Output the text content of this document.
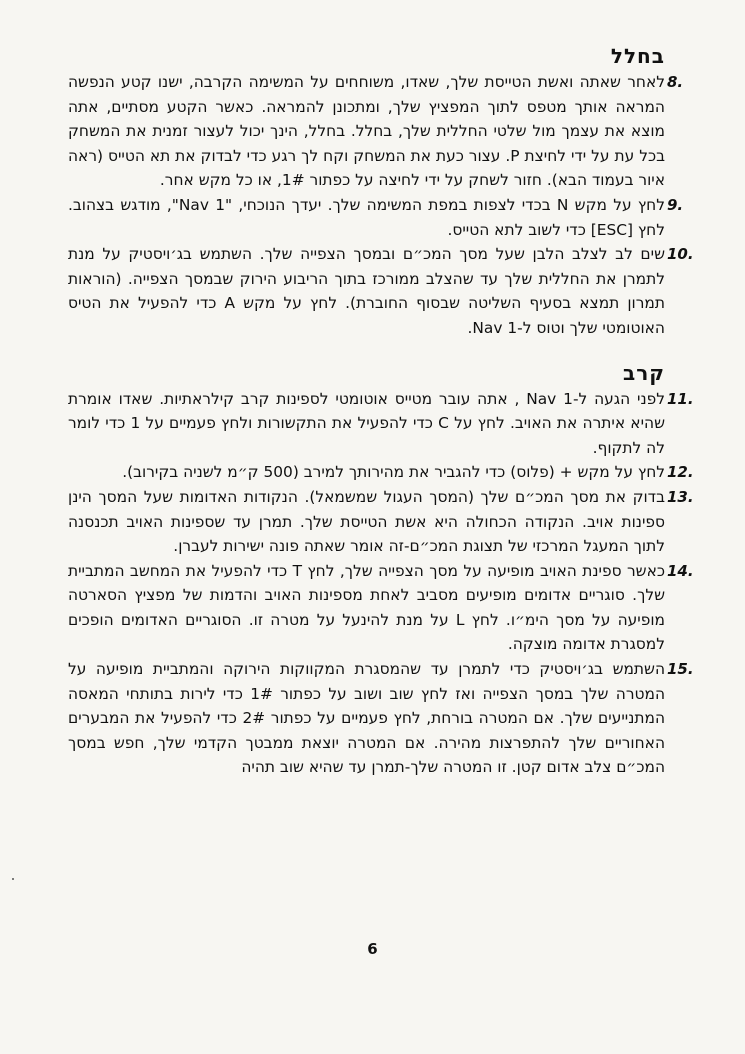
בחלל
8.
לאחר שאתה ואשת הטייסת שלך, שאדו, משוחחים על המשימה הקרבה, ישנו קטע הנפשה המראה אותך מטפס לתוך המפציץ שלך, ומתכונן להמראה. כאשר הקטע מסתיים, אתה מוצא את עצמך מול שלטי החללית שלך, בחלל. בחלל, הינך יכול לעצור זמנית את המשחק בכל עת על ידי לחיצת P. עצור כעת את המשחק וקח לך רגע כדי לבדוק את תא הטייס (ראה איור בעמוד הבא). חזור לשחק על ידי לחיצה על כפתור 1#, או כל מקש אחר.
9.
לחץ על מקש N בכדי לצפות במפת המשימה שלך. יעדך הנוכחי, "Nav 1", מודגש בצהוב. לחץ [ESC] כדי לשוב לתא הטייס.
10.
שים לב לצלב הלבן שעל מסך המכ״ם ובמסך הצפייה שלך. השתמש בג׳ויסטיק על מנת לתמרן את החללית שלך עד שהצלב ממורכז בתוך הריבוע הירוק שבמסך הצפייה. (הוראות תמרון תמצא בסעיף השליטה שבסוף החוברת). לחץ על מקש A כדי להפעיל את הטיס האוטומטי שלך וטוס ל-Nav 1.
קרב
11.
לפני הגעה ל-Nav 1 , אתה עובר מטייס אוטומטי לספינות קרב קילראתיות. שאדו אומרת שהיא איתרה את האויב. לחץ על C כדי להפעיל את התקשורות ולחץ פעמיים על 1 כדי לומר לה לתקוף.
12.
לחץ על מקש + (פלוס) כדי להגביר את מהירותך למירב (500 ק״מ לשניה בקירוב).
13.
בדוק את מסך המכ״ם שלך (המסך העגול שמשמאל). הנקודות האדומות שעל המסך הינן ספינות אויב. הנקודה הכחולה היא אשת הטייסת שלך. תמרן עד שספינות האויב תכנסנה לתוך המעגל המרכזי של תצוגת המכ״ם-זה אומר שאתה פונה ישירות לעברן.
14.
כאשר ספינת האויב מופיעה על מסך הצפייה שלך, לחץ T כדי להפעיל את המחשב המתביית שלך. סוגריים אדומים מופיעים מסביב לאחת מספינות האויב והדמות של מפציץ הסארטה מופיעה על מסך הימ״ו. לחץ L על מנת להינעל על מטרה זו. הסוגריים האדומים הופכים למסגרת אדומה מוצקה.
15.
השתמש בג׳ויסטיק כדי לתמרן עד שהמסגרת המקווקות הירוקה והמתביית מופיעה על המטרה שלך במסך הצפייה ואז לחץ שוב ושוב על כפתור 1# כדי לירות בתותחי המאסה המתנייעים שלך. אם המטרה בורחת, לחץ פעמיים על כפתור 2# כדי להפעיל את המבערים האחוריים שלך להתפרצות מהירה. אם המטרה יוצאת ממבטך הקדמי שלך, חפש במסך המכ״ם צלב אדום קטן. זו המטרה שלך-תמרן עד שהיא שוב תהיה
6
